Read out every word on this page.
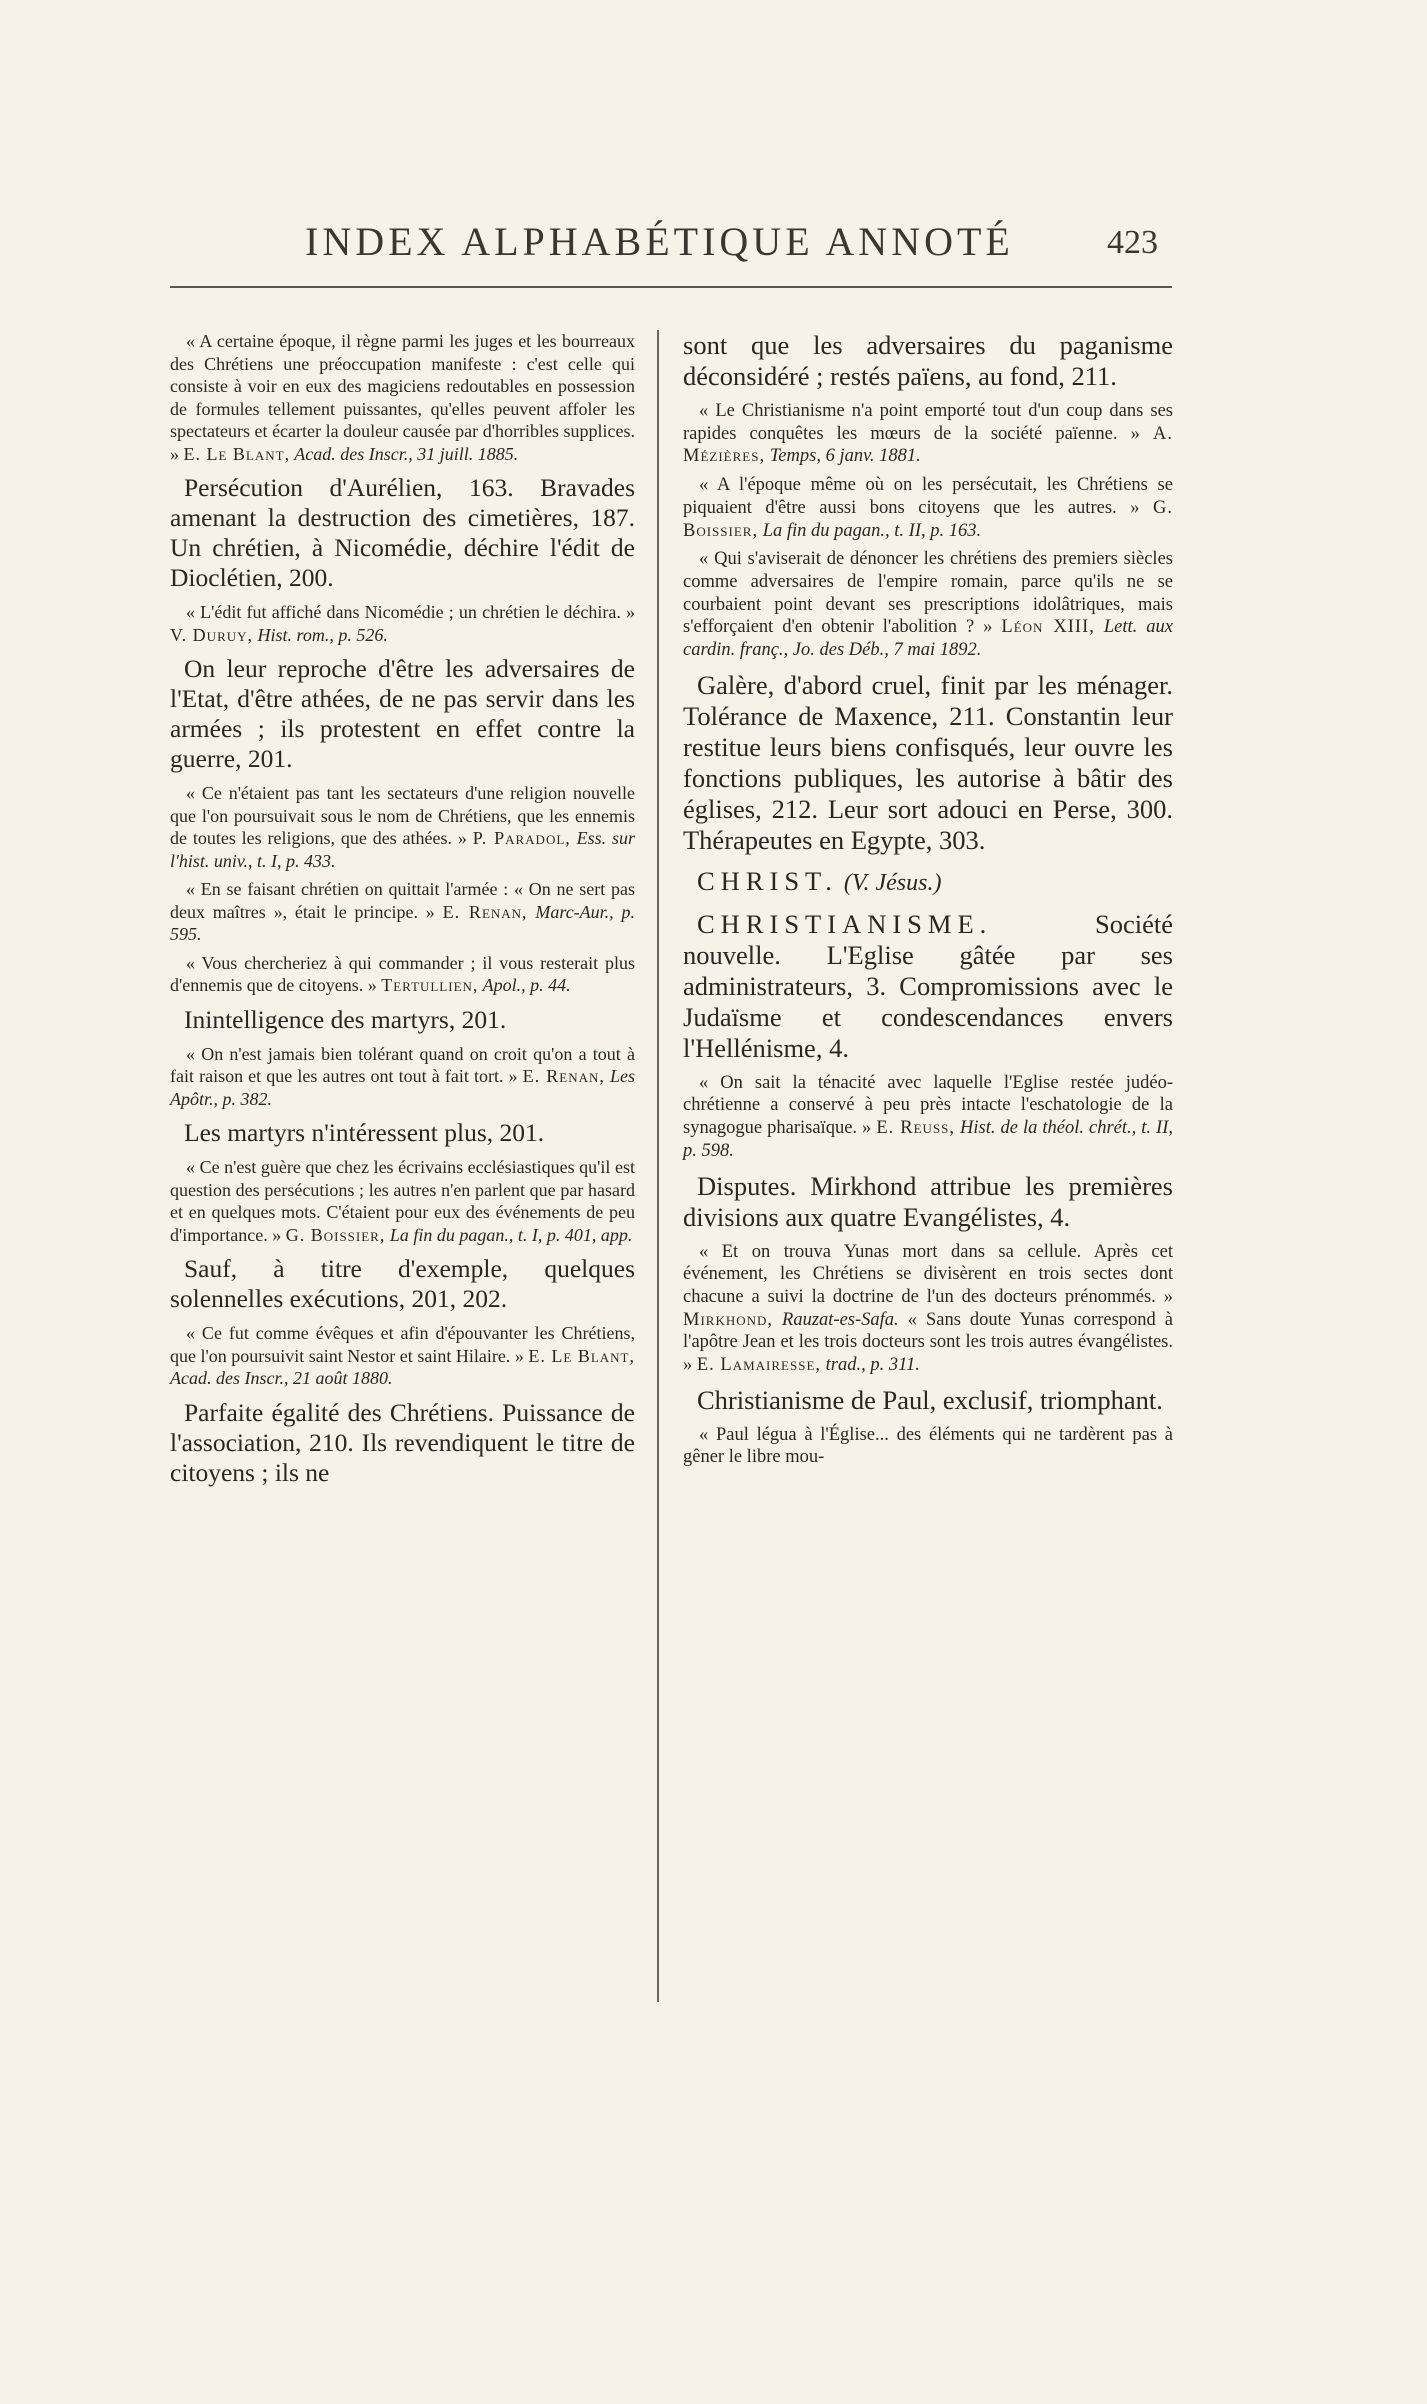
INDEX ALPHABÉTIQUE ANNOTÉ	423

« A certaine époque, il règne parmi les juges et les bourreaux des Chrétiens une préoccupation manifeste : c'est celle qui consiste à voir en eux des magiciens redoutables en possession de formules tellement puissantes, qu'elles peuvent affoler les spectateurs et écarter la douleur causée par d'horribles supplices. » E. Le Blant, Acad. des Inscr., 31 juill. 1885.

Persécution d'Aurélien, 163. Bravades amenant la destruction des cimetières, 187. Un chrétien, à Nicomédie, déchire l'édit de Dioclétien, 200.

« L'édit fut affiché dans Nicomédie ; un chrétien le déchira. » V. Duruy, Hist. rom., p. 526.

On leur reproche d'être les adversaires de l'Etat, d'être athées, de ne pas servir dans les armées ; ils protestent en effet contre la guerre, 201.

« Ce n'étaient pas tant les sectateurs d'une religion nouvelle que l'on poursuivait sous le nom de Chrétiens, que les ennemis de toutes les religions, que des athées. » P. Paradol, Ess. sur l'hist. univ., t. I, p. 433.

« En se faisant chrétien on quittait l'armée : « On ne sert pas deux maîtres », était le principe. » E. Renan, Marc-Aur., p. 595.

« Vous chercheriez à qui commander ; il vous resterait plus d'ennemis que de citoyens. » Tertullien, Apol., p. 44.

Inintelligence des martyrs, 201.

« On n'est jamais bien tolérant quand on croit qu'on a tout à fait raison et que les autres ont tout à fait tort. » E. Renan, Les Apôtr., p. 382.

Les martyrs n'intéressent plus, 201.

« Ce n'est guère que chez les écrivains ecclésiastiques qu'il est question des persécutions ; les autres n'en parlent que par hasard et en quelques mots. C'étaient pour eux des événements de peu d'importance. » G. Boissier, La fin du pagan., t. I, p. 401, app.

Sauf, à titre d'exemple, quelques solennelles exécutions, 201, 202.

« Ce fut comme évêques et afin d'épouvanter les Chrétiens, que l'on poursuivit saint Nestor et saint Hilaire. » E. Le Blant, Acad. des Inscr., 21 août 1880.

Parfaite égalité des Chrétiens. Puissance de l'association, 210. Ils revendiquent le titre de citoyens ; ils ne

sont que les adversaires du paganisme déconsidéré ; restés païens, au fond, 211.

« Le Christianisme n'a point emporté tout d'un coup dans ses rapides conquêtes les mœurs de la société païenne. » A. Mézières, Temps, 6 janv. 1881.

« A l'époque même où on les persécutait, les Chrétiens se piquaient d'être aussi bons citoyens que les autres. » G. Boissier, La fin du pagan., t. II, p. 163.

« Qui s'aviserait de dénoncer les chrétiens des premiers siècles comme adversaires de l'empire romain, parce qu'ils ne se courbaient point devant ses prescriptions idolâtriques, mais s'efforçaient d'en obtenir l'abolition ? » Léon XIII, Lett. aux cardin. franç., Jo. des Déb., 7 mai 1892.

Galère, d'abord cruel, finit par les ménager. Tolérance de Maxence, 211. Constantin leur restitue leurs biens confisqués, leur ouvre les fonctions publiques, les autorise à bâtir des églises, 212. Leur sort adouci en Perse, 300. Thérapeutes en Egypte, 303.

CHRIST. (V. Jésus.)

CHRISTIANISME. Société nouvelle. L'Eglise gâtée par ses administrateurs, 3. Compromissions avec le Judaïsme et condescendances envers l'Hellénisme, 4.

« On sait la ténacité avec laquelle l'Eglise restée judéo-chrétienne a conservé à peu près intacte l'eschatologie de la synagogue pharisaïque. » E. Reuss, Hist. de la théol. chrét., t. II, p. 598.

Disputes. Mirkhond attribue les premières divisions aux quatre Evangélistes, 4.

« Et on trouva Yunas mort dans sa cellule. Après cet événement, les Chrétiens se divisèrent en trois sectes dont chacune a suivi la doctrine de l'un des docteurs prénommés. » Mirkhond, Rauzat-es-Safa. « Sans doute Yunas correspond à l'apôtre Jean et les trois docteurs sont les trois autres évangélistes. » E. Lamairesse, trad., p. 311.

Christianisme de Paul, exclusif, triomphant.

« Paul légua à l'Église... des éléments qui ne tardèrent pas à gêner le libre mou-
